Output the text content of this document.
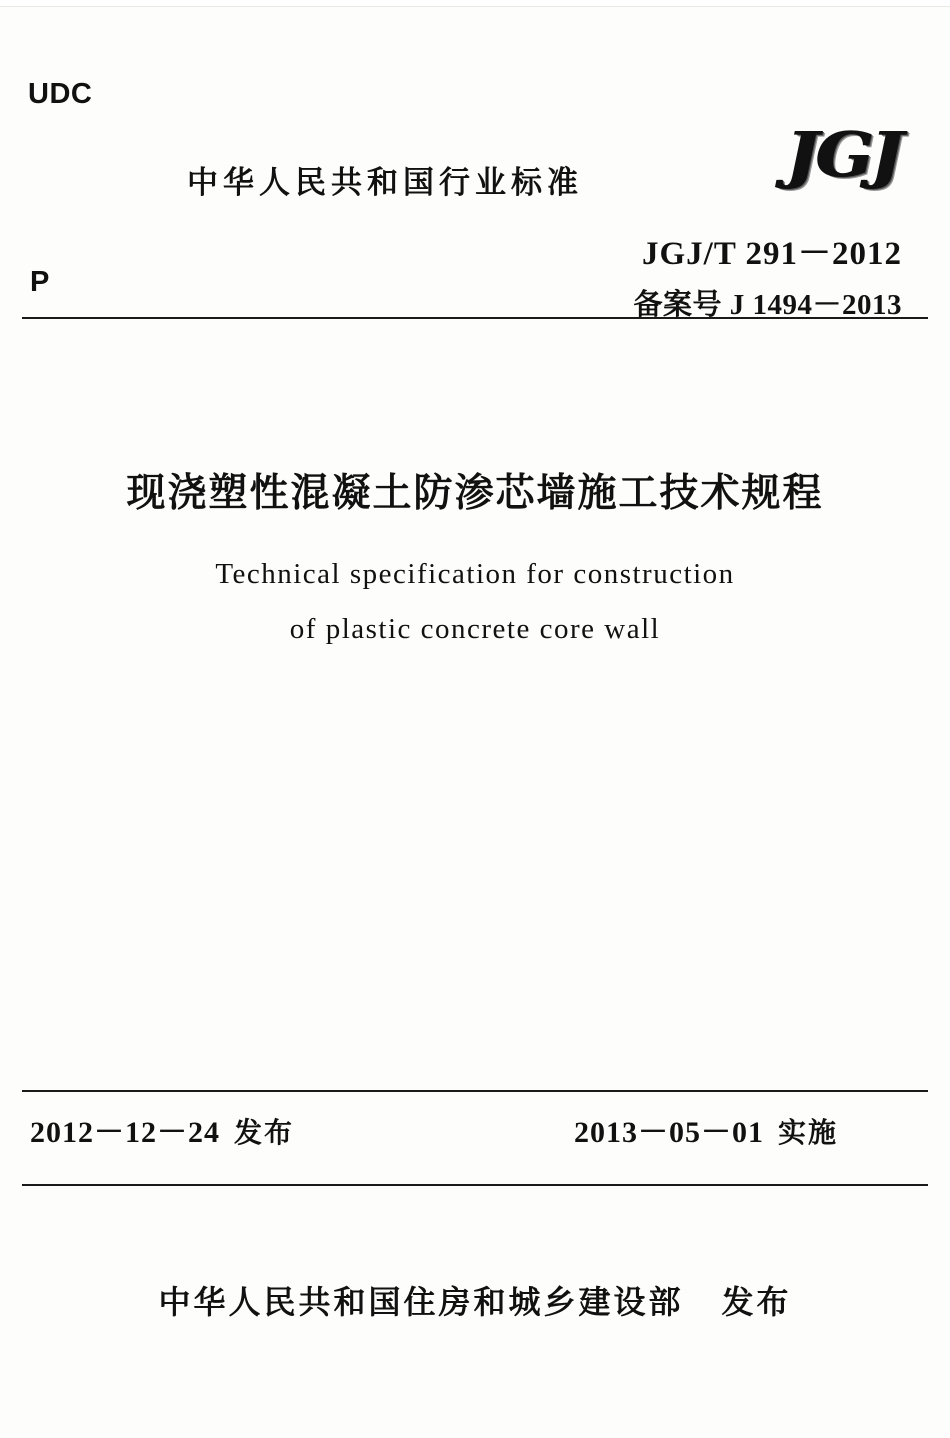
UDC
P
中华人民共和国行业标准	JGJ
JGJ/T 291－2012
备案号 J 1494－2013
现浇塑性混凝土防渗芯墙施工技术规程
Technical specification for construction
of plastic concrete core wall
2012－12－24 发布	2013－05－01 实施
中华人民共和国住房和城乡建设部 发布
